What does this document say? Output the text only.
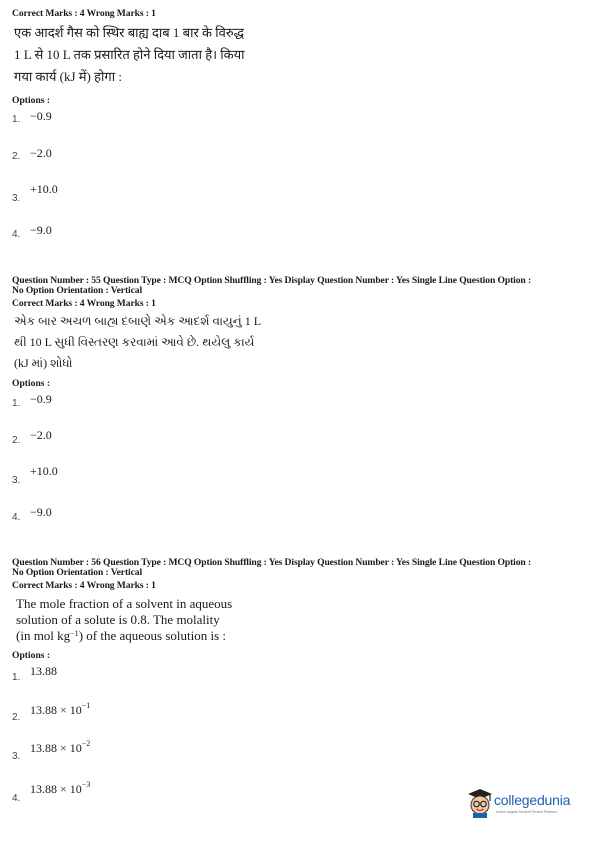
Correct Marks : 4 Wrong Marks : 1
एक आदर्श गैस को स्थिर बाह्य दाब 1 बार के विरुद्ध
1 L से 10 L तक प्रसारित होने दिया जाता है। किया
गया कार्य (kJ में) होगा :
Options :
1. −0.9
2. −2.0
3.
+10.0
4. −9.0
Question Number : 55 Question Type : MCQ Option Shuffling : Yes Display Question Number : Yes Single Line Question Option :
No Option Orientation : Vertical
Correct Marks : 4 Wrong Marks : 1
એક બાર અચળ બાહ્ય દબાણે એક આદર્શ વાયુનું 1 L
થી 10 L સુધી વિસ્તરણ કરવામાં આવે છે. થયેલુ કાર્ય
(kJ માં) શોધો
Options :
1. −0.9
2. −2.0
3.
+10.0
4. −9.0
Question Number : 56 Question Type : MCQ Option Shuffling : Yes Display Question Number : Yes Single Line Question Option :
No Option Orientation : Vertical
Correct Marks : 4 Wrong Marks : 1
The mole fraction of a solvent in aqueous
solution of a solute is 0.8. The molality
(in mol $kg^{-1}$) of the aqueous solution is :
Options :
1. 13.88
2.
$13.88 \times 10^{-1}$
3.
$13.88 \times 10^{-2}$
4.
$13.88 \times 10^{-3}$
collegedunia
India's largest Student Review Platform
